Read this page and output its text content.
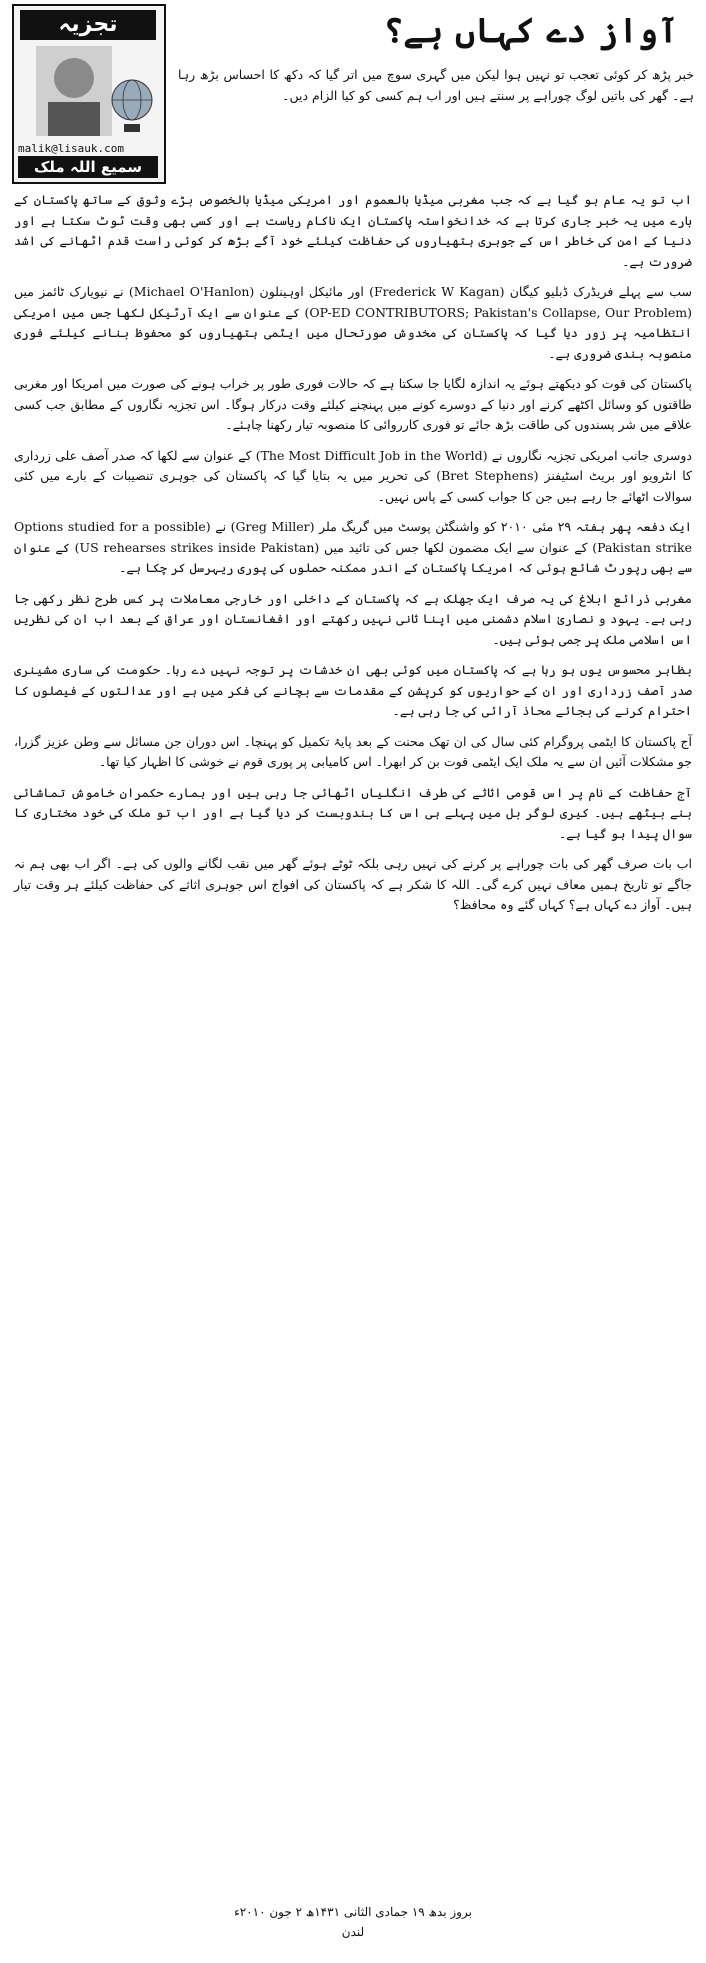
تجزیہ
malik@lisauk.com
سمیع اللہ ملک
آواز دے کہاں ہے؟
خبر پڑھ کر کوئی تعجب تو نہیں ہوا لیکن میں گہری سوچ میں اتر گیا کہ دکھ کا احساس بڑھ رہا ہے۔ گھر کی باتیں لوگ چوراہے پر سنتے ہیں اور اب ہم کسی کو کیا الزام دیں۔

اب تو یہ عام ہو گیا ہے کہ جب مغربی میڈیا بالعموم اور امریکی میڈیا بالخصوص بڑے وثوق کے ساتھ پاکستان کے بارے میں یہ خبر جاری کرتا ہے کہ خدانخواستہ پاکستان ایک ناکام ریاست ہے اور کسی بھی وقت ٹوٹ سکتا ہے اور دنیا کے امن کی خاطر اس کے جوہری ہتھیاروں کی حفاظت کیلئے خود آگے بڑھ کر کوئی راست قدم اٹھانے کی اشد ضرورت ہے۔

سب سے پہلے فریڈرک ڈبلیو کیگان (Frederick W Kagan) اور مائیکل اوہینلون (Michael O'Hanlon) نے نیویارک ٹائمز میں (OP-ED CONTRIBUTORS; Pakistan's Collapse, Our Problem) کے عنوان سے ایک آرٹیکل لکھا جس میں امریکی انتظامیہ پر زور دیا گیا کہ پاکستان کی مخدوش صورتحال میں ایٹمی ہتھیاروں کو محفوظ بنانے کیلئے فوری منصوبہ بندی ضروری ہے۔

پاکستان کی قوت کو دیکھتے ہوئے یہ اندازہ لگایا جا سکتا ہے کہ حالات فوری طور پر خراب ہونے کی صورت میں امریکا اور مغربی طاقتوں کو وسائل اکٹھے کرنے اور دنیا کے دوسرے کونے میں پہنچنے کیلئے وقت درکار ہوگا۔ اس تجزیہ نگاروں کے مطابق جب کسی علاقے میں شر پسندوں کی طاقت بڑھ جائے تو فوری کارروائی کا منصوبہ تیار رکھنا چاہئے۔

دوسری جانب امریکی تجزیہ نگاروں نے (The Most Difficult Job in the World) کے عنوان سے لکھا کہ صدر آصف علی زرداری کا انٹرویو اور بریٹ اسٹیفنز (Bret Stephens) کی تحریر میں یہ بتایا گیا کہ پاکستان کی جوہری تنصیبات کے بارے میں کئی سوالات اٹھائے جا رہے ہیں جن کا جواب کسی کے پاس نہیں۔

ایک دفعہ پھر ہفتہ ۲۹ مئی ۲۰۱۰ کو واشنگٹن پوسٹ میں گریگ ملر (Greg Miller) نے (Options studied for a possible Pakistan strike) کے عنوان سے ایک مضمون لکھا جس کی تائید میں (US rehearses strikes inside Pakistan) کے عنوان سے بھی رپورٹ شائع ہوئی کہ امریکا پاکستان کے اندر ممکنہ حملوں کی پوری ریہرسل کر چکا ہے۔

مغربی ذرائع ابلاغ کی یہ صرف ایک جھلک ہے کہ پاکستان کے داخلی اور خارجی معاملات پر کس طرح نظر رکھی جا رہی ہے۔ یہود و نصاریٰ اسلام دشمنی میں اپنا ثانی نہیں رکھتے اور افغانستان اور عراق کے بعد اب ان کی نظریں اس اسلامی ملک پر جمی ہوئی ہیں۔

بظاہر محسوس یوں ہو رہا ہے کہ پاکستان میں کوئی بھی ان خدشات پر توجہ نہیں دے رہا۔ حکومت کی ساری مشینری صدر آصف زرداری اور ان کے حواریوں کو کرپشن کے مقدمات سے بچانے کی فکر میں ہے اور عدالتوں کے فیصلوں کا احترام کرنے کی بجائے محاذ آرائی کی جا رہی ہے۔

آج پاکستان کا ایٹمی پروگرام کئی سال کی ان تھک محنت کے بعد پایۂ تکمیل کو پہنچا۔ اس دوران جن مسائل سے وطن عزیز گزرا، جو مشکلات آئیں ان سے یہ ملک ایک ایٹمی قوت بن کر ابھرا۔ اس کامیابی پر پوری قوم نے خوشی کا اظہار کیا تھا۔

آج حفاظت کے نام پر اس قومی اثاثے کی طرف انگلیاں اٹھائی جا رہی ہیں اور ہمارے حکمران خاموش تماشائی بنے بیٹھے ہیں۔ کیری لوگر بل میں پہلے ہی اس کا بندوبست کر دیا گیا ہے اور اب تو ملک کی خود مختاری کا سوال پیدا ہو گیا ہے۔

اب بات صرف گھر کی بات چوراہے پر کرنے کی نہیں رہی بلکہ ٹوٹے ہوئے گھر میں نقب لگانے والوں کی ہے۔ اگر اب بھی ہم نہ جاگے تو تاریخ ہمیں معاف نہیں کرے گی۔ اللہ کا شکر ہے کہ پاکستان کی افواج اس جوہری اثاثے کی حفاظت کیلئے ہر وقت تیار ہیں۔ آواز دے کہاں ہے؟ کہاں گئے وہ محافظ؟

بروز بدھ ۱۹ جمادی الثانی ۱۴۳۱ھ ۲ جون ۲۰۱۰ء
لندن
